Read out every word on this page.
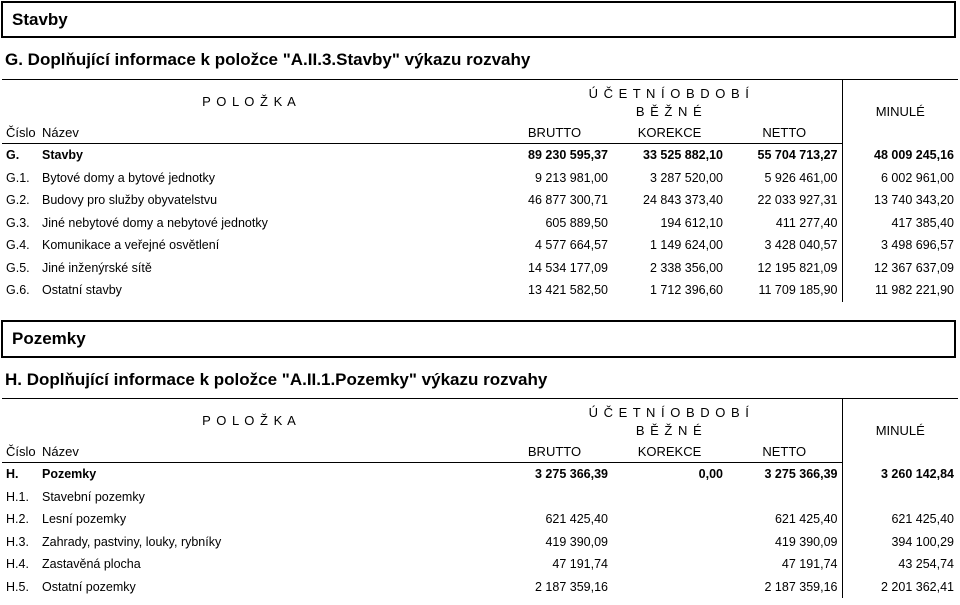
Stavby
G. Doplňující informace k položce "A.II.3.Stavby" výkazu rozvahy
P O L O Ž K A		Ú Č E T N Í O B D O B Í			MINULÉ
		B Ě Ž N É			
Číslo	Název	BRUTTO	KOREKCE	NETTO	
G.	Stavby	89 230 595,37	33 525 882,10	55 704 713,27	48 009 245,16
G.1.	Bytové domy a bytové jednotky	9 213 981,00	3 287 520,00	5 926 461,00	6 002 961,00
G.2.	Budovy pro služby obyvatelstvu	46 877 300,71	24 843 373,40	22 033 927,31	13 740 343,20
G.3.	Jiné nebytové domy a nebytové jednotky	605 889,50	194 612,10	411 277,40	417 385,40
G.4.	Komunikace a veřejné osvětlení	4 577 664,57	1 149 624,00	3 428 040,57	3 498 696,57
G.5.	Jiné inženýrské sítě	14 534 177,09	2 338 356,00	12 195 821,09	12 367 637,09
G.6.	Ostatní stavby	13 421 582,50	1 712 396,60	11 709 185,90	11 982 221,90
Pozemky
H. Doplňující informace k položce "A.II.1.Pozemky" výkazu rozvahy
P O L O Ž K A		Ú Č E T N Í O B D O B Í			MINULÉ
		B Ě Ž N É			
Číslo	Název	BRUTTO	KOREKCE	NETTO	
H.	Pozemky	3 275 366,39	0,00	3 275 366,39	3 260 142,84
H.1.	Stavební pozemky				
H.2.	Lesní pozemky	621 425,40		621 425,40	621 425,40
H.3.	Zahrady, pastviny, louky, rybníky	419 390,09		419 390,09	394 100,29
H.4.	Zastavěná plocha	47 191,74		47 191,74	43 254,74
H.5.	Ostatní pozemky	2 187 359,16		2 187 359,16	2 201 362,41
